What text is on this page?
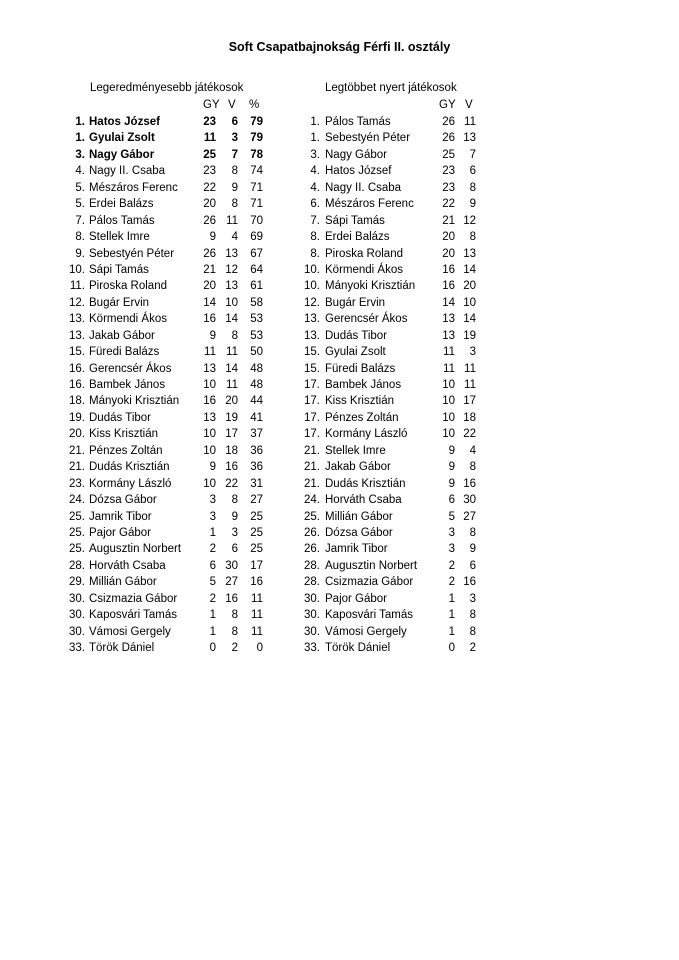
Soft Csapatbajnokság Férfi II. osztály
Legeredményesebb játékosok
GY V %
1. Hatos József	23	6	79
1. Gyulai Zsolt	11	3	79
3. Nagy Gábor	25	7	78
4. Nagy II. Csaba	23	8	74
5. Mészáros Ferenc	22	9	71
5. Erdei Balázs	20	8	71
7. Pálos Tamás	26 11	70
8. Stellek Imre	9	4	69
9. Sebestyén Péter	26 13	67
10. Sápi Tamás	21 12	64
11. Piroska Roland	20 13	61
12. Bugár Ervin	14 10	58
13. Körmendi Ákos	16 14	53
13. Jakab Gábor	9	8	53
15. Füredi Balázs	11 11	50
16. Gerencsér Ákos	13 14	48
16. Bambek János	10 11	48
18. Mányoki Krisztián	16 20	44
19. Dudás Tibor	13 19	41
20. Kiss Krisztián	10 17	37
21. Pénzes Zoltán	10 18	36
21. Dudás Krisztián	9 16	36
23. Kormány László	10 22	31
24. Dózsa Gábor	3	8	27
25. Jamrik Tibor	3	9	25
25. Pajor Gábor	1	3	25
25. Augusztin Norbert	2	6	25
28. Horváth Csaba	6 30	17
29. Millián Gábor	5 27	16
30. Csizmazia Gábor	2 16	11
30. Kaposvári Tamás	1	8	11
30. Vámosi Gergely	1	8	11
33. Török Dániel	0	2	0
Legtöbbet nyert játékosok
GY V
1. Pálos Tamás	26 11
1. Sebestyén Péter	26 13
3. Nagy Gábor	25	7
4. Hatos József	23	6
4. Nagy II. Csaba	23	8
6. Mészáros Ferenc	22	9
7. Sápi Tamás	21 12
8. Erdei Balázs	20	8
8. Piroska Roland	20 13
10. Körmendi Ákos	16 14
10. Mányoki Krisztián	16 20
12. Bugár Ervin	14 10
13. Gerencsér Ákos	13 14
13. Dudás Tibor	13 19
15. Gyulai Zsolt	11	3
15. Füredi Balázs	11 11
17. Bambek János	10 11
17. Kiss Krisztián	10 17
17. Pénzes Zoltán	10 18
17. Kormány László	10 22
21. Stellek Imre	9	4
21. Jakab Gábor	9	8
21. Dudás Krisztián	9 16
24. Horváth Csaba	6 30
25. Millián Gábor	5 27
26. Dózsa Gábor	3	8
26. Jamrik Tibor	3	9
28. Augusztin Norbert	2	6
28. Csizmazia Gábor	2 16
30. Pajor Gábor	1	3
30. Kaposvári Tamás	1	8
30. Vámosi Gergely	1	8
33. Török Dániel	0	2
